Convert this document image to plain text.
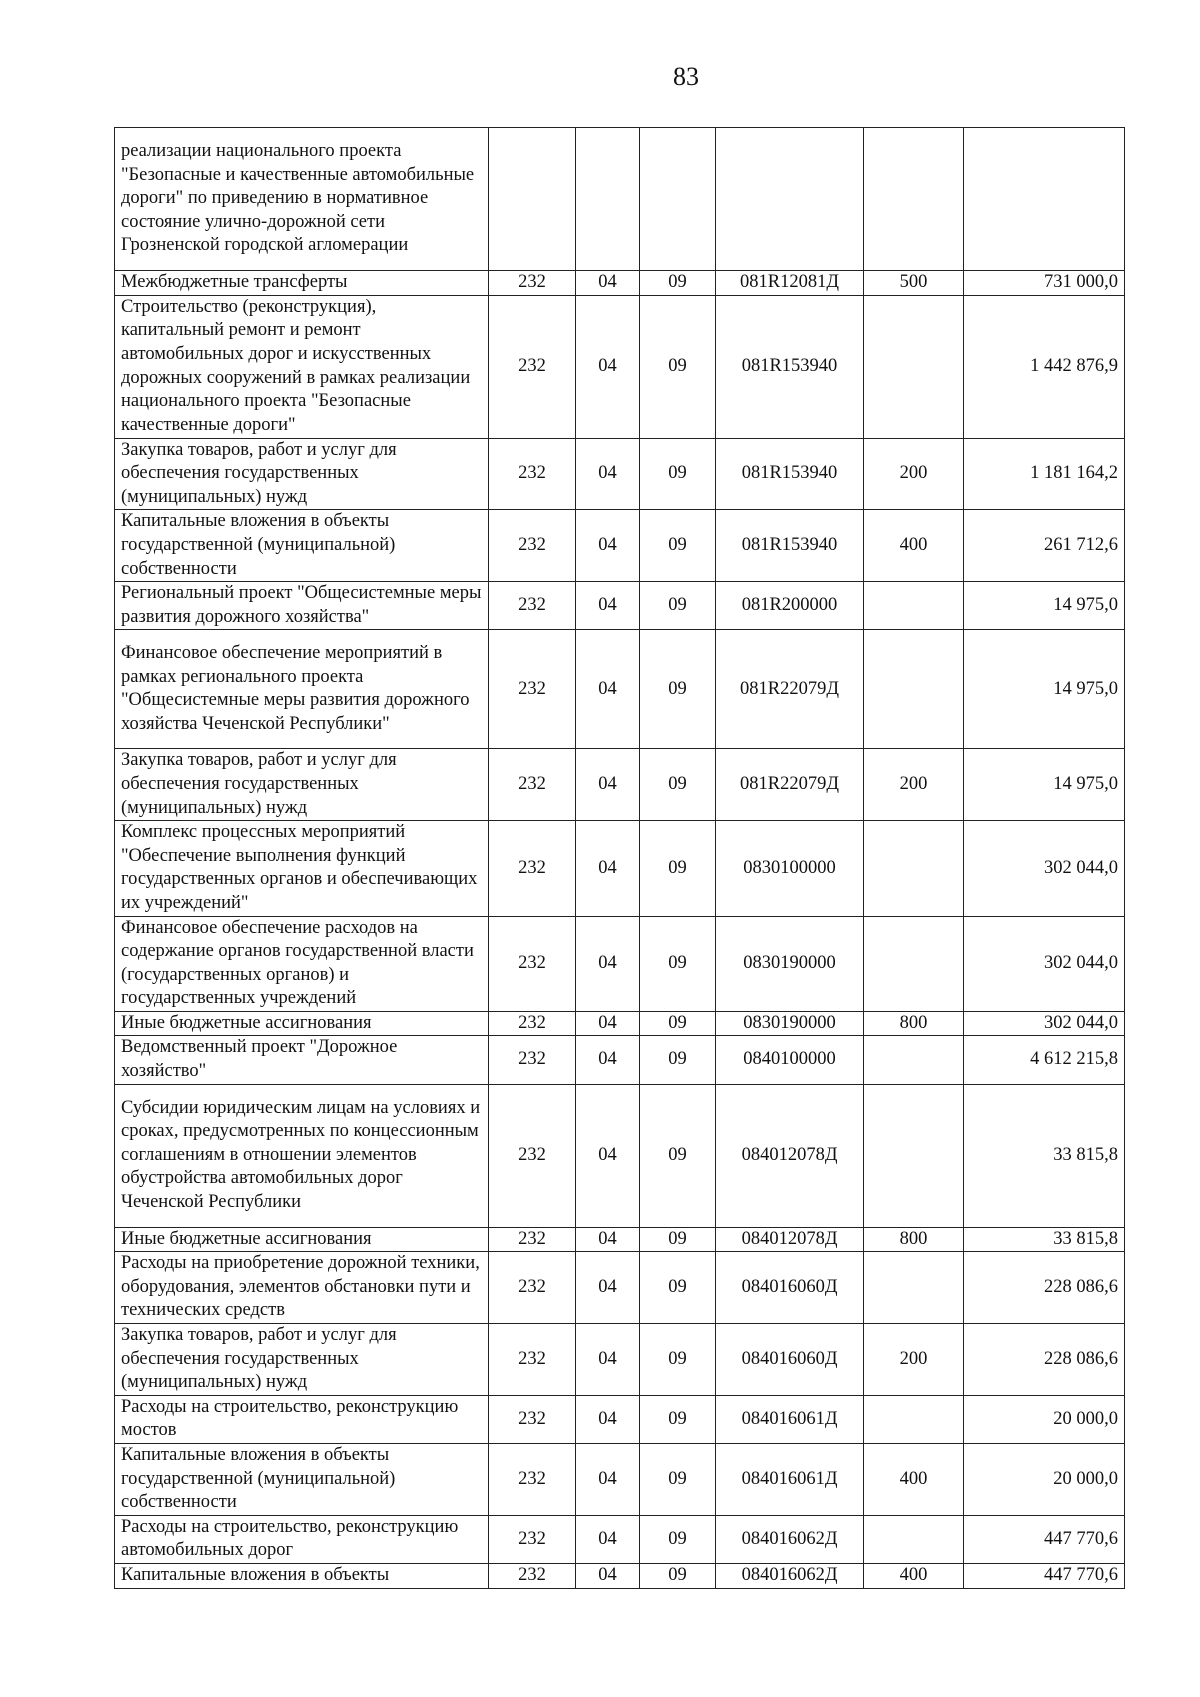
83
реализации национального проекта "Безопасные и качественные автомобильные дороги" по приведению в нормативное состояние улично-дорожной сети Грозненской городской агломерации						
Межбюджетные трансферты	232	04	09	081R12081Д	500	731 000,0
Строительство (реконструкция), капитальный ремонт и ремонт автомобильных дорог и искусственных дорожных сооружений в рамках реализации национального проекта "Безопасные качественные дороги"	232	04	09	081R153940		1 442 876,9
Закупка товаров, работ и услуг для обеспечения государственных (муниципальных) нужд	232	04	09	081R153940	200	1 181 164,2
Капитальные вложения в объекты государственной (муниципальной) собственности	232	04	09	081R153940	400	261 712,6
Региональный проект "Общесистемные меры развития дорожного хозяйства"	232	04	09	081R200000		14 975,0
Финансовое обеспечение мероприятий в рамках регионального проекта "Общесистемные меры развития дорожного хозяйства Чеченской Республики"	232	04	09	081R22079Д		14 975,0
Закупка товаров, работ и услуг для обеспечения государственных (муниципальных) нужд	232	04	09	081R22079Д	200	14 975,0
Комплекс процессных мероприятий "Обеспечение выполнения функций государственных органов и обеспечивающих их учреждений"	232	04	09	0830100000		302 044,0
Финансовое обеспечение расходов на содержание органов государственной власти (государственных органов) и государственных учреждений	232	04	09	0830190000		302 044,0
Иные бюджетные ассигнования	232	04	09	0830190000	800	302 044,0
Ведомственный проект "Дорожное хозяйство"	232	04	09	0840100000		4 612 215,8
Субсидии юридическим лицам на условиях и сроках, предусмотренных по концессионным соглашениям в отношении элементов обустройства автомобильных дорог Чеченской Республики	232	04	09	084012078Д		33 815,8
Иные бюджетные ассигнования	232	04	09	084012078Д	800	33 815,8
Расходы на приобретение дорожной техники, оборудования, элементов обстановки пути и технических средств	232	04	09	084016060Д		228 086,6
Закупка товаров, работ и услуг для обеспечения государственных (муниципальных) нужд	232	04	09	084016060Д	200	228 086,6
Расходы на строительство, реконструкцию мостов	232	04	09	084016061Д		20 000,0
Капитальные вложения в объекты государственной (муниципальной) собственности	232	04	09	084016061Д	400	20 000,0
Расходы на строительство, реконструкцию автомобильных дорог	232	04	09	084016062Д		447 770,6
Капитальные вложения в объекты	232	04	09	084016062Д	400	447 770,6
